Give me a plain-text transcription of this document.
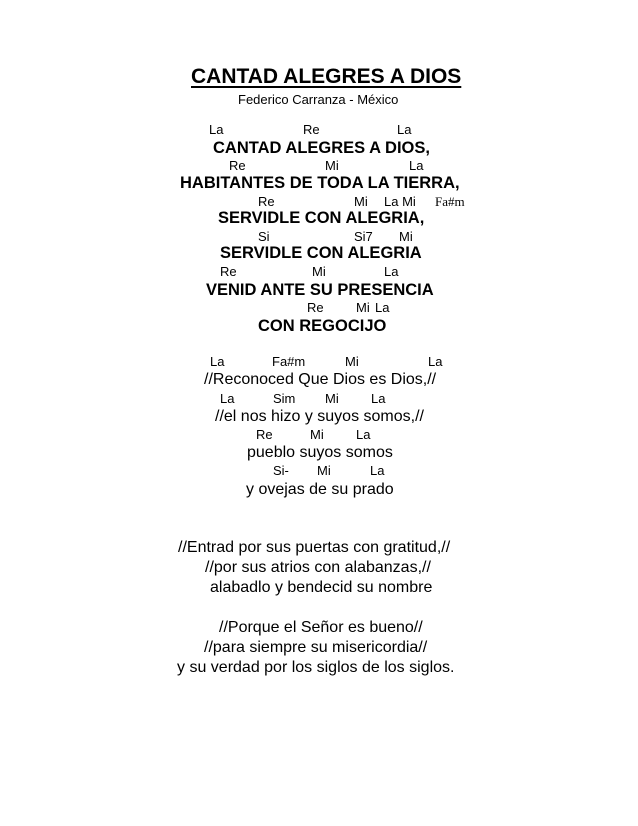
CANTAD ALEGRES A DIOS
Federico Carranza - México
La	Re	La
CANTAD ALEGRES A DIOS,
Re	Mi	La
HABITANTES DE TODA LA TIERRA,
Re	Mi La Mi Fa#m
SERVIDLE CON ALEGRIA,
Si	Si7 Mi
SERVIDLE CON ALEGRIA
Re	Mi	La
VENID ANTE SU PRESENCIA
Re Mi La
CON REGOCIJO
La	Fa#m	Mi	La
//Reconoced Que Dios es Dios,//
La	Sim Mi La
//el nos hizo y suyos somos,//
Re	Mi La
pueblo suyos somos
Si- Mi	La
y ovejas de su prado
//Entrad por sus puertas con gratitud,//
//por sus atrios con alabanzas,//
alabadlo y bendecid su nombre
//Porque el Señor es bueno//
//para siempre su misericordia//
y su verdad por los siglos de los siglos.
